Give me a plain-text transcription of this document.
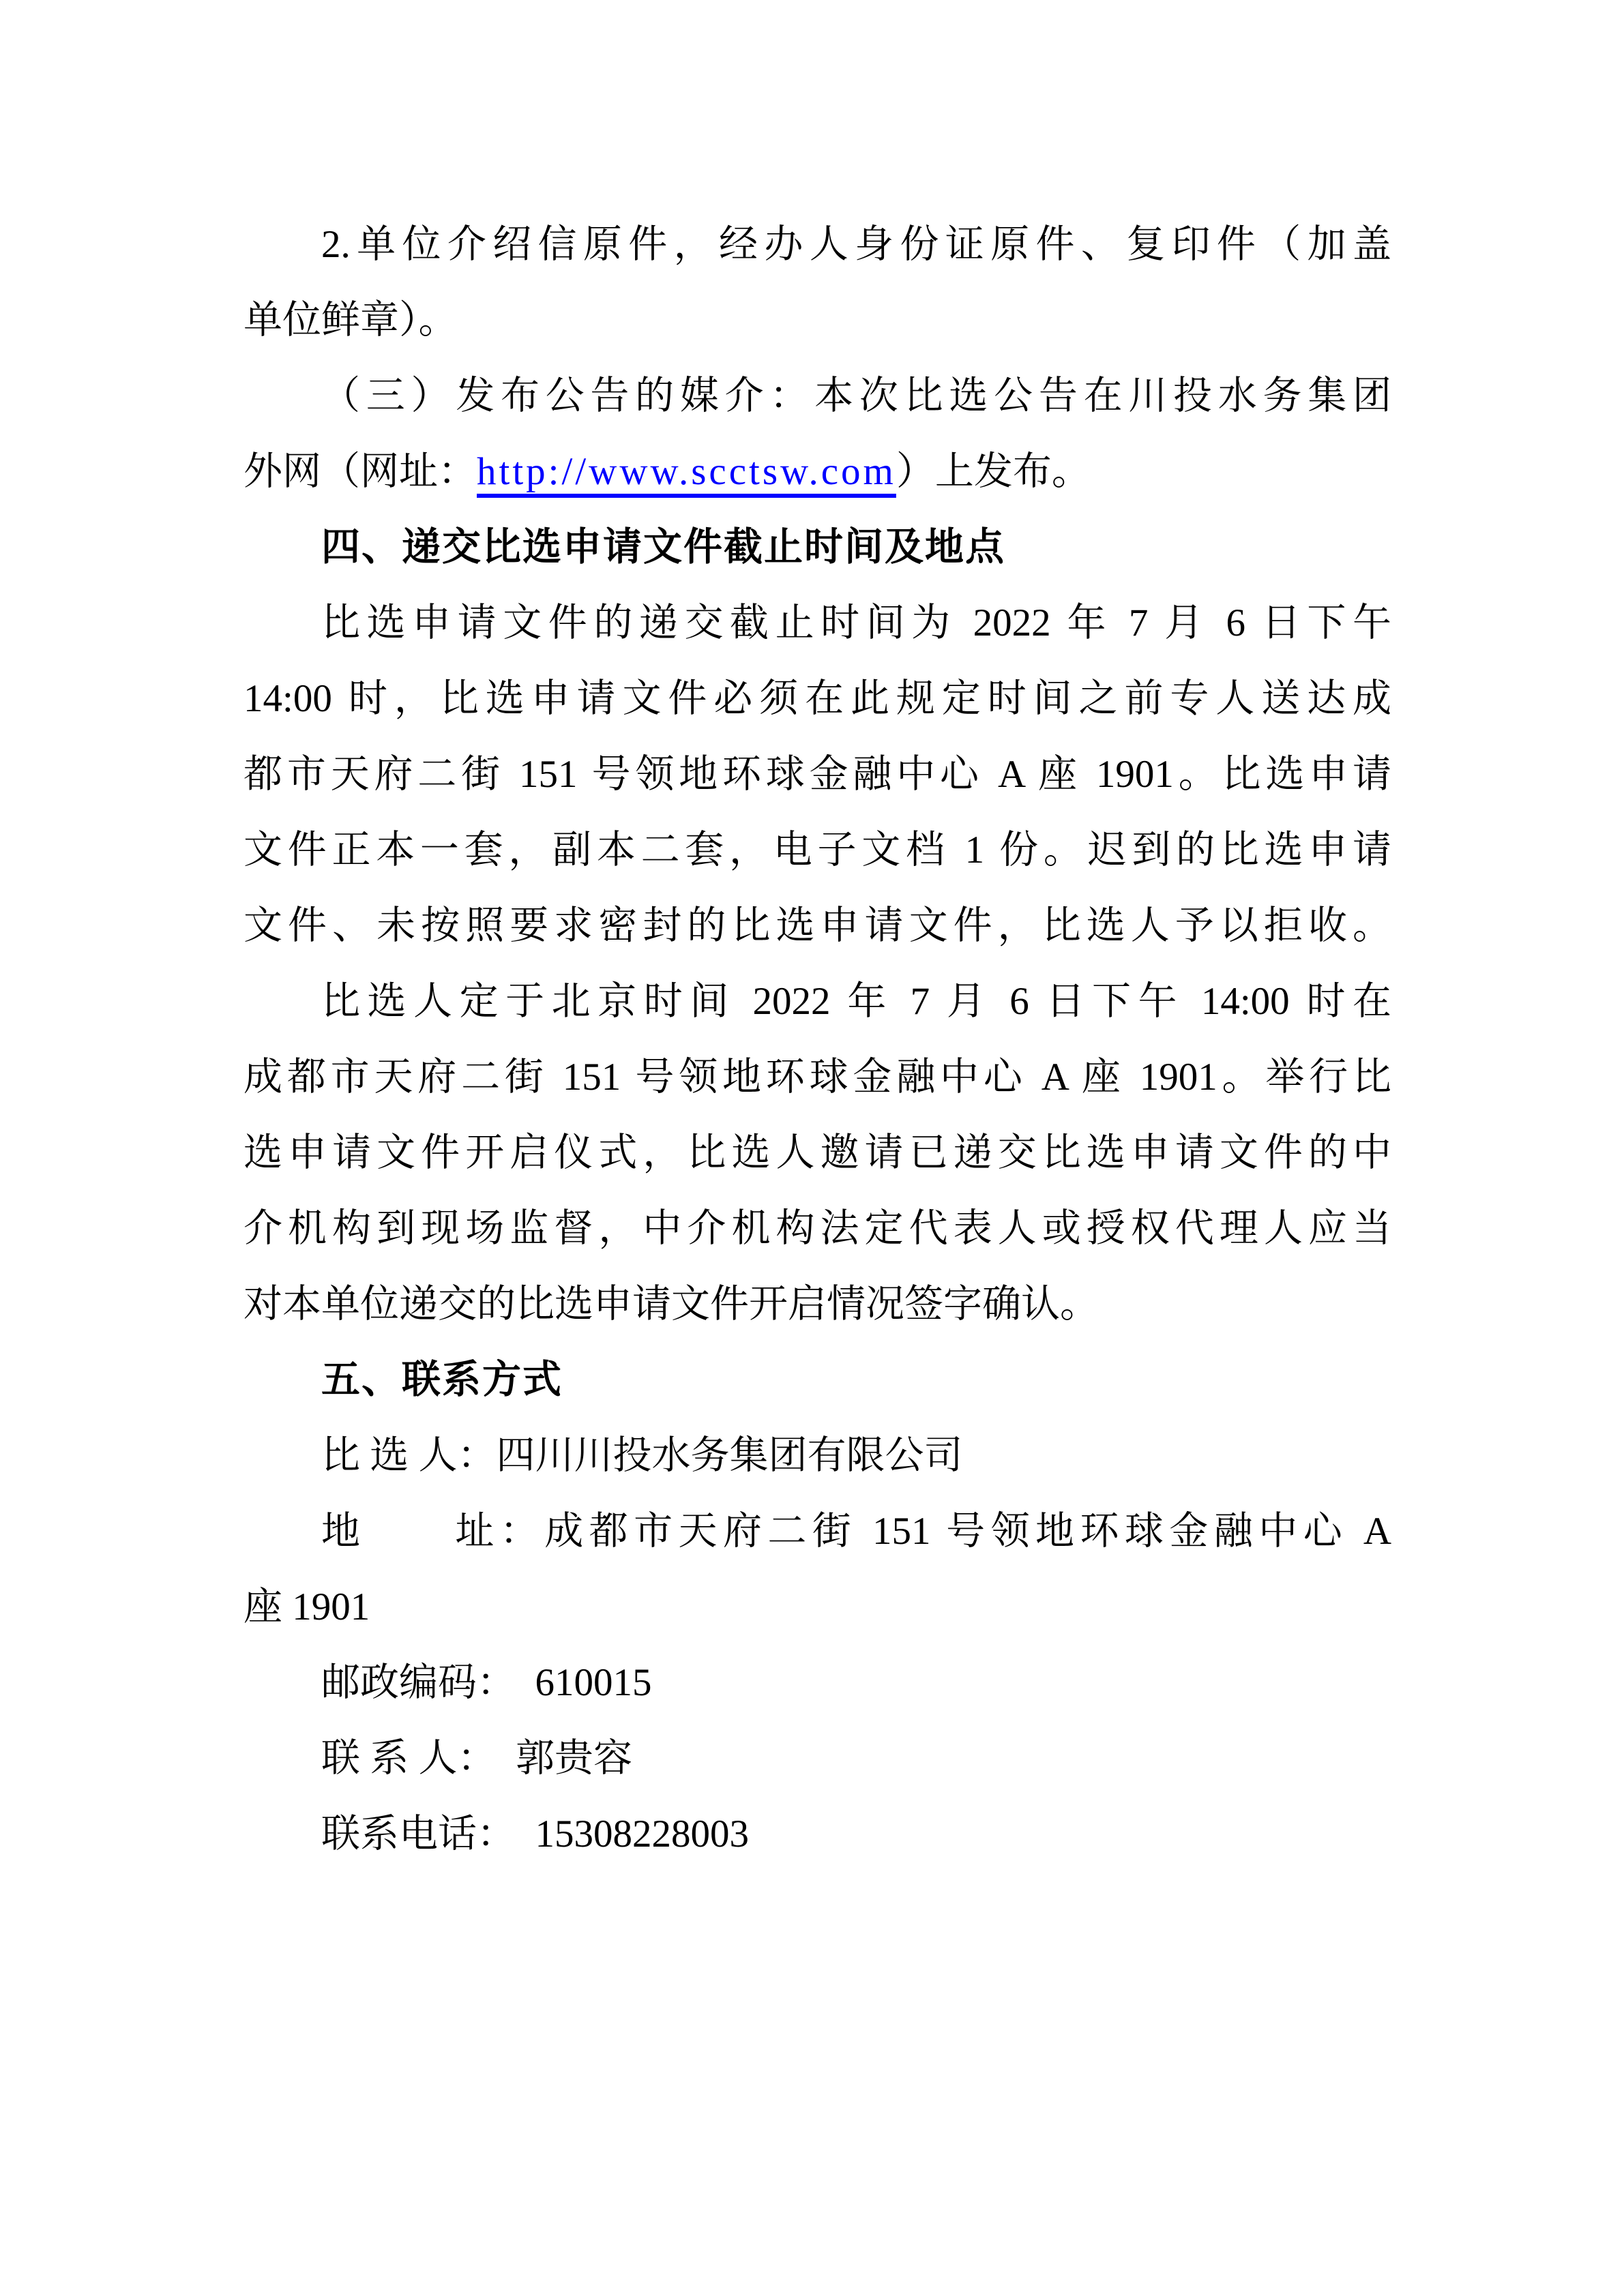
2.单位介绍信原件，经办人身份证原件、复印件（加盖
单位鲜章）。
（三）发布公告的媒介：本次比选公告在川投水务集团
外网（网址：http://www.scctsw.com）上发布。
四、递交比选申请文件截止时间及地点
比选申请文件的递交截止时间为 2022 年 7 月 6 日下午
14:00 时，比选申请文件必须在此规定时间之前专人送达成
都市天府二街 151 号领地环球金融中心 A 座 1901。比选申请
文件正本一套，副本二套，电子文档 1 份。迟到的比选申请
文件、未按照要求密封的比选申请文件，比选人予以拒收。
比选人定于北京时间 2022 年 7 月 6 日下午 14:00 时在
成都市天府二街 151 号领地环球金融中心 A 座 1901。举行比
选申请文件开启仪式，比选人邀请已递交比选申请文件的中
介机构到现场监督，中介机构法定代表人或授权代理人应当
对本单位递交的比选申请文件开启情况签字确认。
五、联系方式
比 选 人：四川川投水务集团有限公司
地　　址：成都市天府二街 151 号领地环球金融中心 A
座 1901
邮政编码：　610015
联 系 人：　郭贵容
联系电话：　15308228003
